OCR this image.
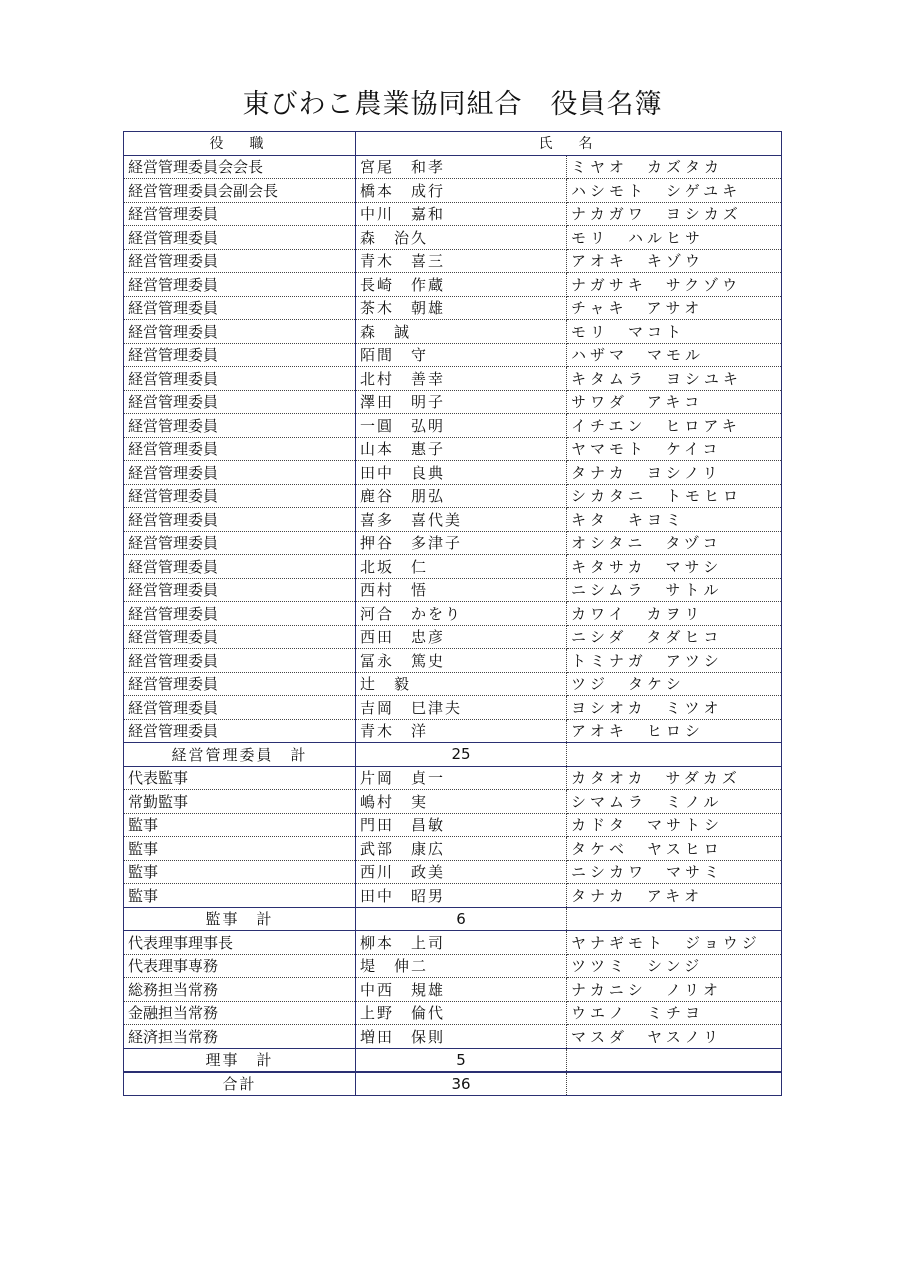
東びわこ農業協同組合　役員名簿
役　職	氏　名	
経営管理委員会会長	宮尾　和孝	ミヤオ　カズタカ
経営管理委員会副会長	橋本　成行	ハシモト　シゲユキ
経営管理委員	中川　嘉和	ナカガワ　ヨシカズ
経営管理委員	森　治久	モリ　ハルヒサ
経営管理委員	青木　喜三	アオキ　キゾウ
経営管理委員	長崎　作蔵	ナガサキ　サクゾウ
経営管理委員	茶木　朝雄	チャキ　アサオ
経営管理委員	森　誠	モリ　マコト
経営管理委員	陌間　守	ハザマ　マモル
経営管理委員	北村　善幸	キタムラ　ヨシユキ
経営管理委員	澤田　明子	サワダ　アキコ
経営管理委員	一圓　弘明	イチエン　ヒロアキ
経営管理委員	山本　惠子	ヤマモト　ケイコ
経営管理委員	田中　良典	タナカ　ヨシノリ
経営管理委員	鹿谷　朋弘	シカタニ　トモヒロ
経営管理委員	喜多　喜代美	キタ　キヨミ
経営管理委員	押谷　多津子	オシタニ　タヅコ
経営管理委員	北坂　仁	キタサカ　マサシ
経営管理委員	西村　悟	ニシムラ　サトル
経営管理委員	河合　かをり	カワイ　カヲリ
経営管理委員	西田　忠彦	ニシダ　タダヒコ
経営管理委員	冨永　篤史	トミナガ　アツシ
経営管理委員	辻　毅	ツジ　タケシ
経営管理委員	吉岡　巳津夫	ヨシオカ　ミツオ
経営管理委員	青木　洋	アオキ　ヒロシ
経営管理委員　計	25	
代表監事	片岡　貞一	カタオカ　サダカズ
常勤監事	嶋村　実	シマムラ　ミノル
監事	門田　昌敏	カドタ　マサトシ
監事	武部　康広	タケベ　ヤスヒロ
監事	西川　政美	ニシカワ　マサミ
監事	田中　昭男	タナカ　アキオ
監事　計	6	
代表理事理事長	柳本　上司	ヤナギモト　ジョウジ
代表理事専務	堤　伸二	ツツミ　シンジ
総務担当常務	中西　規雄	ナカニシ　ノリオ
金融担当常務	上野　倫代	ウエノ　ミチヨ
経済担当常務	増田　保則	マスダ　ヤスノリ
理事　計	5	
合計	36	
